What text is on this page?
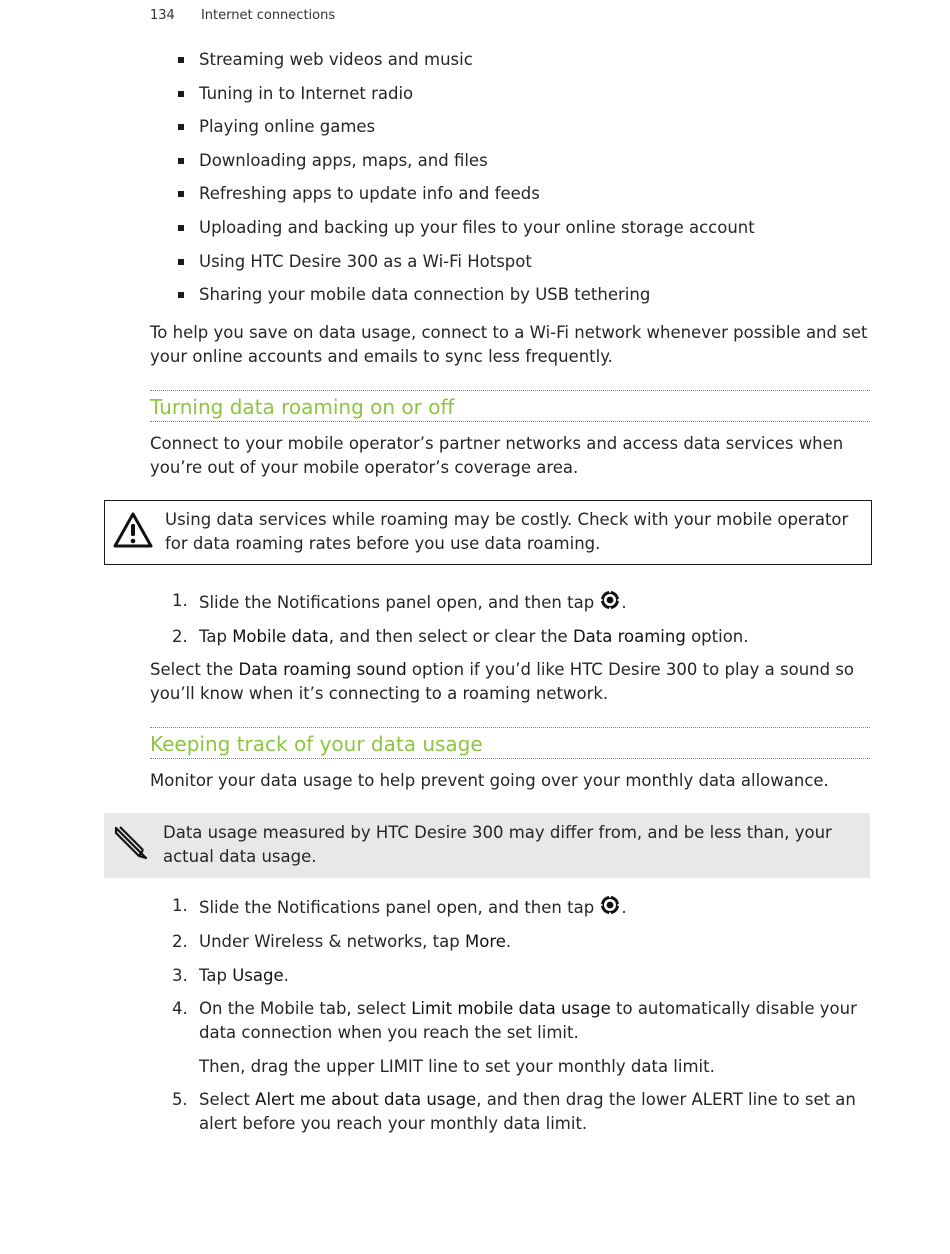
134 Internet connections
Streaming web videos and music
Tuning in to Internet radio
Playing online games
Downloading apps, maps, and files
Refreshing apps to update info and feeds
Uploading and backing up your files to your online storage account
Using HTC Desire 300 as a Wi-Fi Hotspot
Sharing your mobile data connection by USB tethering

To help you save on data usage, connect to a Wi-Fi network whenever possible and set your online accounts and emails to sync less frequently.

Turning data roaming on or off

Connect to your mobile operator’s partner networks and access data services when you’re out of your mobile operator’s coverage area.

Using data services while roaming may be costly. Check with your mobile operator for data roaming rates before you use data roaming.

1. Slide the Notifications panel open, and then tap .
2. Tap Mobile data, and then select or clear the Data roaming option.

Select the Data roaming sound option if you’d like HTC Desire 300 to play a sound so you’ll know when it’s connecting to a roaming network.

Keeping track of your data usage

Monitor your data usage to help prevent going over your monthly data allowance.

Data usage measured by HTC Desire 300 may differ from, and be less than, your actual data usage.

1. Slide the Notifications panel open, and then tap .
2. Under Wireless & networks, tap More.
3. Tap Usage.
4. On the Mobile tab, select Limit mobile data usage to automatically disable your data connection when you reach the set limit.
Then, drag the upper LIMIT line to set your monthly data limit.
5. Select Alert me about data usage, and then drag the lower ALERT line to set an alert before you reach your monthly data limit.
